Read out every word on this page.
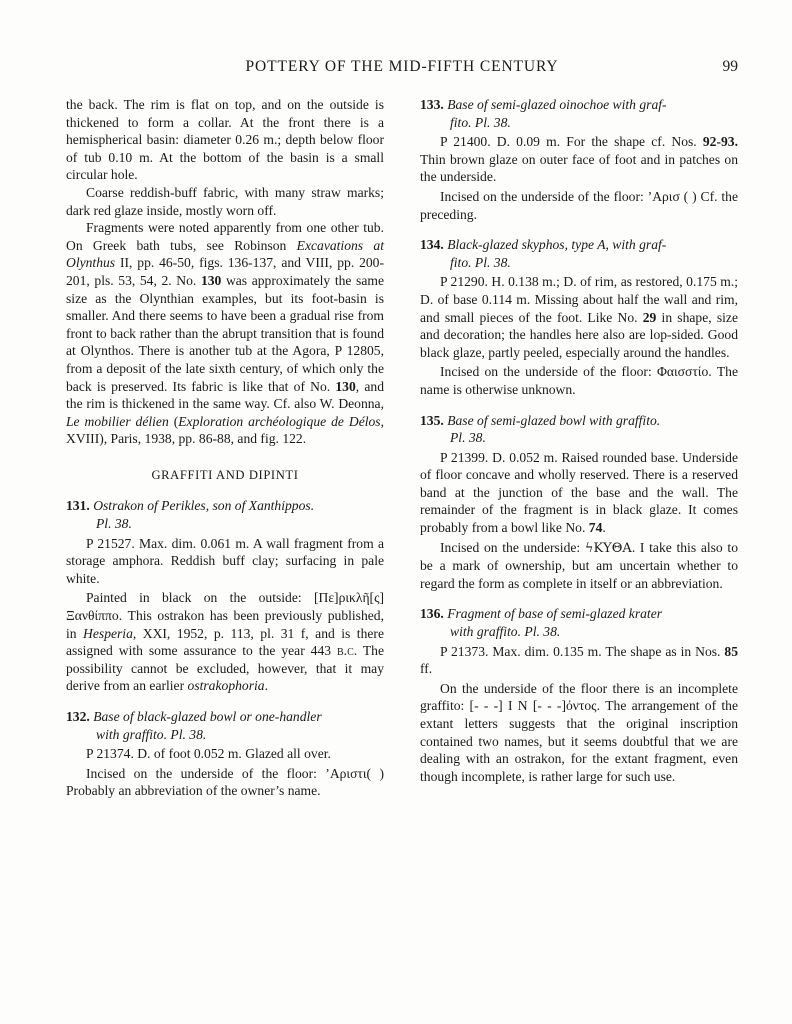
POTTERY OF THE MID-FIFTH CENTURY	99

the back. The rim is flat on top, and on the outside is thickened to form a collar. At the front there is a hemispherical basin: diameter 0.26 m.; depth below floor of tub 0.10 m. At the bottom of the basin is a small circular hole.

Coarse reddish-buff fabric, with many straw marks; dark red glaze inside, mostly worn off.

Fragments were noted apparently from one other tub. On Greek bath tubs, see Robinson Excavations at Olynthus II, pp. 46-50, figs. 136-137, and VIII, pp. 200-201, pls. 53, 54, 2. No. 130 was approximately the same size as the Olynthian examples, but its foot-basin is smaller. And there seems to have been a gradual rise from front to back rather than the abrupt transition that is found at Olynthos. There is another tub at the Agora, P 12805, from a deposit of the late sixth century, of which only the back is preserved. Its fabric is like that of No. 130, and the rim is thickened in the same way. Cf. also W. Deonna, Le mobilier délien (Exploration archéologique de Délos, XVIII), Paris, 1938, pp. 86-88, and fig. 122.

GRAFFITI AND DIPINTI

131. Ostrakon of Perikles, son of Xanthippos.
Pl. 38.

P 21527. Max. dim. 0.061 m. A wall fragment from a storage amphora. Reddish buff clay; surfacing in pale white.

Painted in black on the outside: [Πε]ρικλῆ[ς] Ξανθίππο. This ostrakon has been previously published, in Hesperia, XXI, 1952, p. 113, pl. 31 f, and is there assigned with some assurance to the year 443 b.c. The possibility cannot be excluded, however, that it may derive from an earlier ostrakophoria.

132. Base of black-glazed bowl or one-handler
with graffito. Pl. 38.

P 21374. D. of foot 0.052 m. Glazed all over.

Incised on the underside of the floor: ’Αριστι( ) Probably an abbreviation of the owner’s name.

133. Base of semi-glazed oinochoe with graf-
fito. Pl. 38.

P 21400. D. 0.09 m. For the shape cf. Nos. 92-93. Thin brown glaze on outer face of foot and in patches on the underside.

Incised on the underside of the floor: ’Αρισ ( ) Cf. the preceding.

134. Black-glazed skyphos, type A, with graf-
fito. Pl. 38.

P 21290. H. 0.138 m.; D. of rim, as restored, 0.175 m.; D. of base 0.114 m. Missing about half the wall and rim, and small pieces of the foot. Like No. 29 in shape, size and decoration; the handles here also are lop-sided. Good black glaze, partly peeled, especially around the handles.

Incised on the underside of the floor: Φαισστίο. The name is otherwise unknown.

135. Base of semi-glazed bowl with graffito.
Pl. 38.

P 21399. D. 0.052 m. Raised rounded base. Underside of floor concave and wholly reserved. There is a reserved band at the junction of the base and the wall. The remainder of the fragment is in black glaze. It comes probably from a bowl like No. 74.

Incised on the underside: ϟΚΥΘΑ. I take this also to be a mark of ownership, but am uncertain whether to regard the form as complete in itself or an abbreviation.

136. Fragment of base of semi-glazed krater
with graffito. Pl. 38.

P 21373. Max. dim. 0.135 m. The shape as in Nos. 85 ff.

On the underside of the floor there is an incomplete graffito: [- - -] Ι Ν [- - -]όντος. The arrangement of the extant letters suggests that the original inscription contained two names, but it seems doubtful that we are dealing with an ostrakon, for the extant fragment, even though incomplete, is rather large for such use.
